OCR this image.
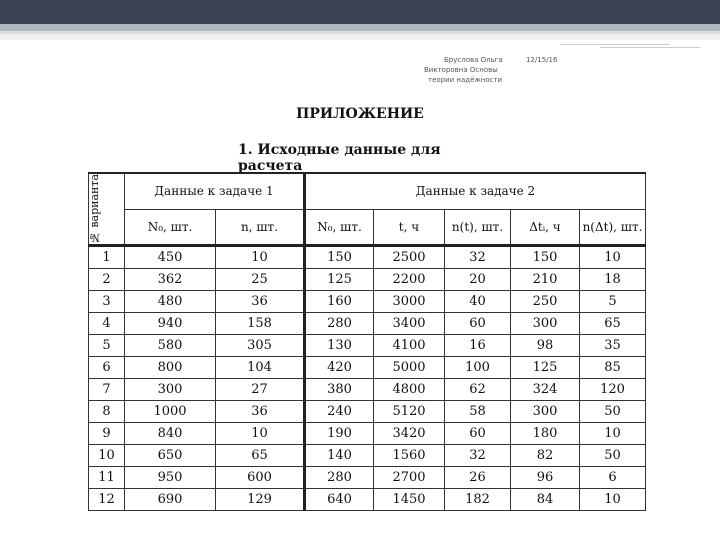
Бруслова Ольга
Викторовна Основы
теории надёжности
12/15/16
ПРИЛОЖЕНИЕ
1. Исходные данные для расчета
№ варианта	Данные к задаче 1		Данные к задаче 2				
	N₀, шт.	n, шт.	N₀, шт.	t, ч	n(t), шт.	Δtᵢ, ч	n(Δt), шт.
1	450	10	150	2500	32	150	10
2	362	25	125	2200	20	210	18
3	480	36	160	3000	40	250	5
4	940	158	280	3400	60	300	65
5	580	305	130	4100	16	98	35
6	800	104	420	5000	100	125	85
7	300	27	380	4800	62	324	120
8	1000	36	240	5120	58	300	50
9	840	10	190	3420	60	180	10
10	650	65	140	1560	32	82	50
11	950	600	280	2700	26	96	6
12	690	129	640	1450	182	84	10
